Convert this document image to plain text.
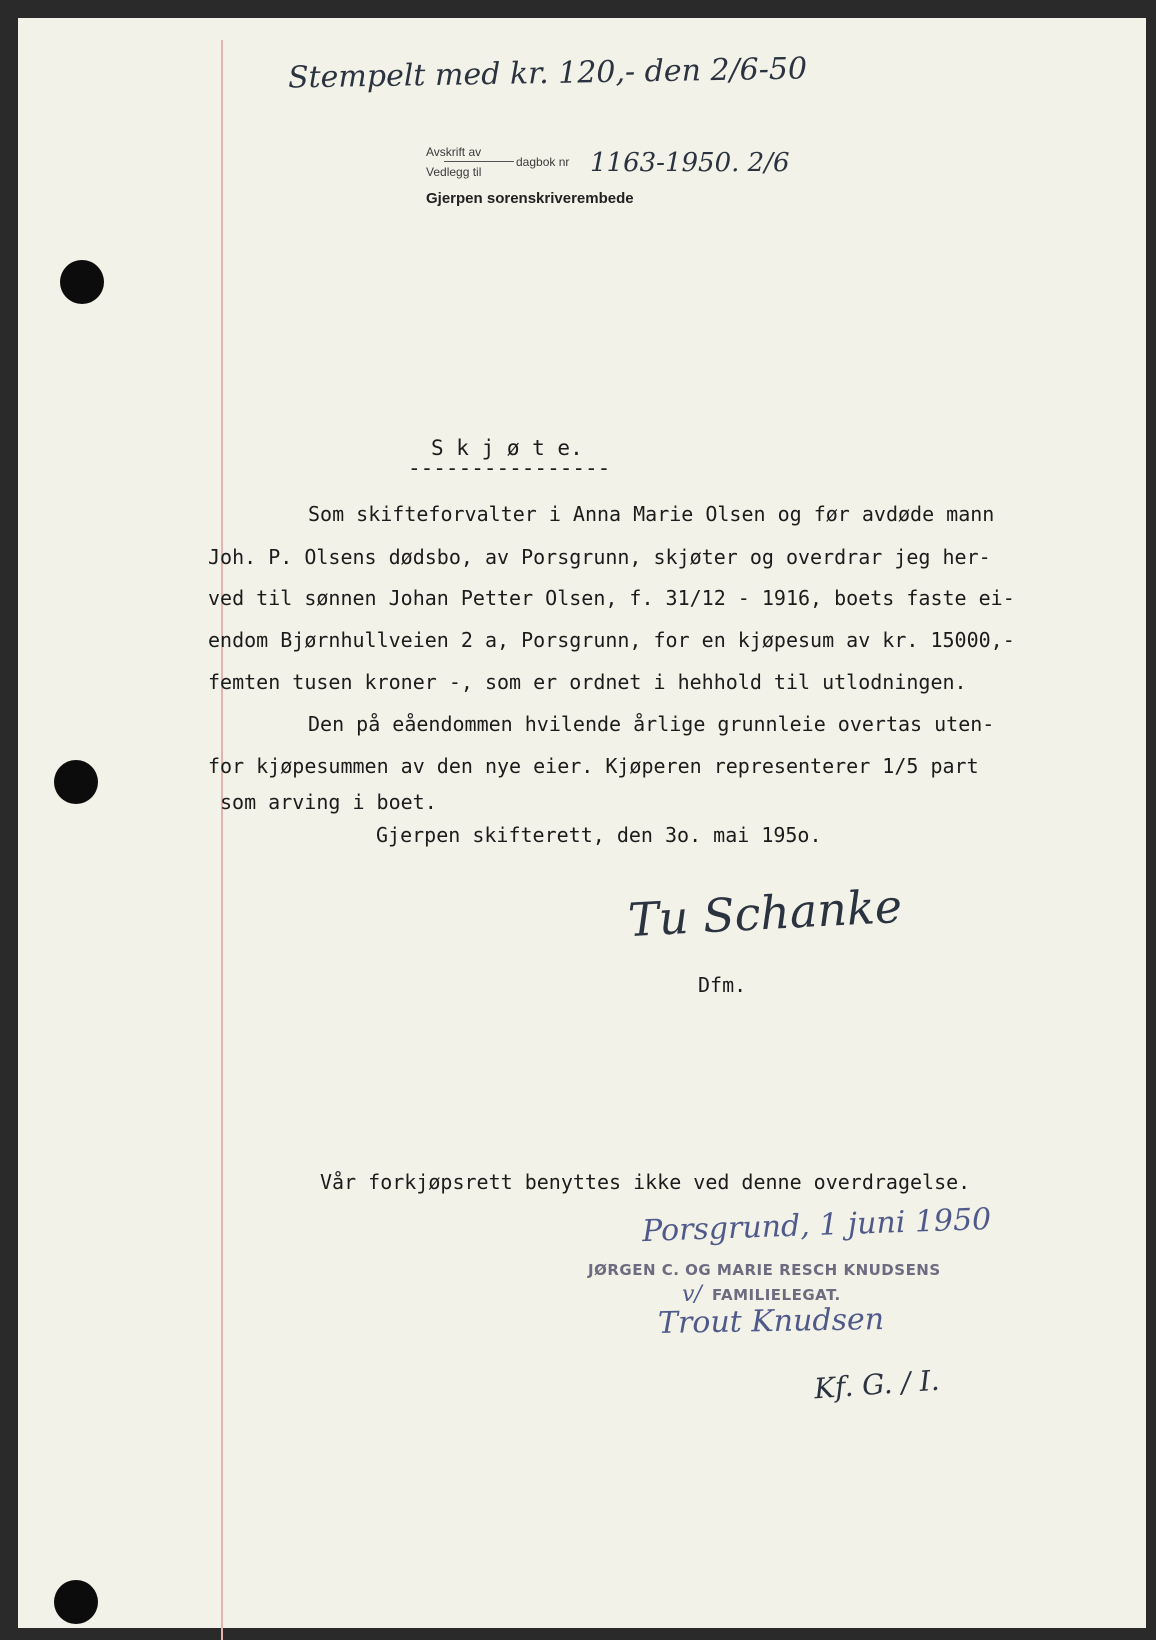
Stempelt med kr. 120,- den 2/6-50
Avskrift av
Vedlegg til
dagbok nr 1163-1950. 2/6
Gjerpen sorenskriverembede
S k j ø t e.
----------------
Som skifteforvalter i Anna Marie Olsen og før avdøde mann
Joh. P. Olsens dødsbo, av Porsgrunn, skjøter og overdrar jeg her-
ved til sønnen Johan Petter Olsen, f. 31/12 - 1916, boets faste ei-
endom Bjørnhullveien 2 a, Porsgrunn, for en kjøpesum av kr. 15000,-
femten tusen kroner -, som er ordnet i hehhold til utlodningen.
Den på eåendommen hvilende årlige grunnleie overtas uten-
for kjøpesummen av den nye eier. Kjøperen representerer 1/5 part
som arving i boet.
Gjerpen skifterett, den 3o. mai 195o.
Tu Schanke
Dfm.
Vår forkjøpsrett benyttes ikke ved denne overdragelse.
Porsgrund, 1 juni 1950
JØRGEN C. OG MARIE RESCH KNUDSENS
v/ FAMILIELEGAT.
Trout Knudsen
Kf. G. / I.
